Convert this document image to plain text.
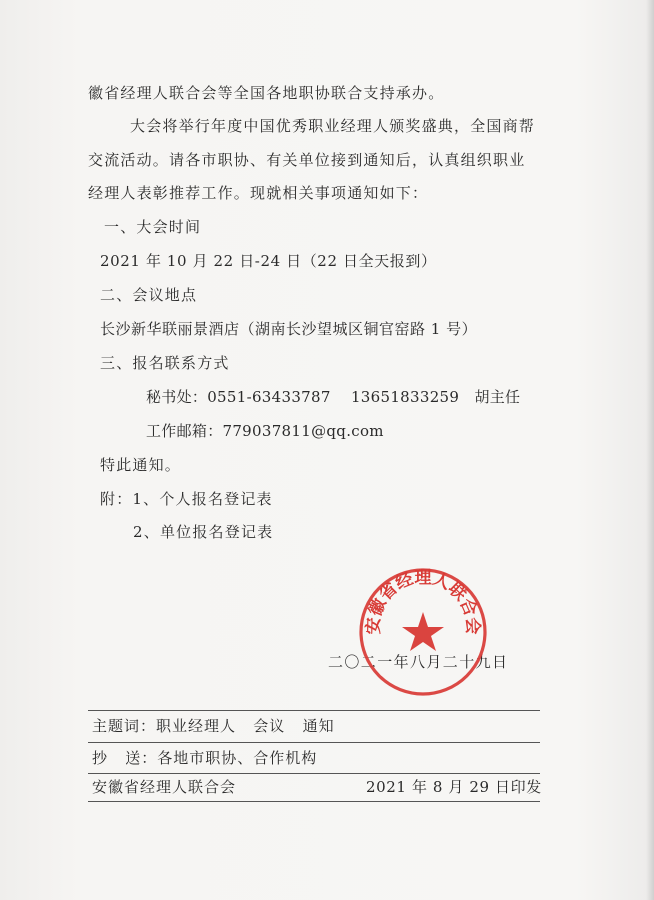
徽省经理人联合会等全国各地职协联合支持承办。
大会将举行年度中国优秀职业经理人颁奖盛典，全国商帮
交流活动。请各市职协、有关单位接到通知后，认真组织职业
经理人表彰推荐工作。现就相关事项通知如下：
一、大会时间
2021 年 10 月 22 日-24 日（22 日全天报到）
二、会议地点
长沙新华联丽景酒店（湖南长沙望城区铜官窑路 1 号）
三、报名联系方式
秘书处：0551-63433787    13651833259   胡主任
工作邮箱：779037811@qq.com
特此通知。
附：1、个人报名登记表
2、单位报名登记表
二〇二一年八月二十九日
安徽省经理人联合会
主题词：职业经理人   会议   通知
抄   送：各地市职协、合作机构
安徽省经理人联合会	2021 年 8 月 29 日印发
